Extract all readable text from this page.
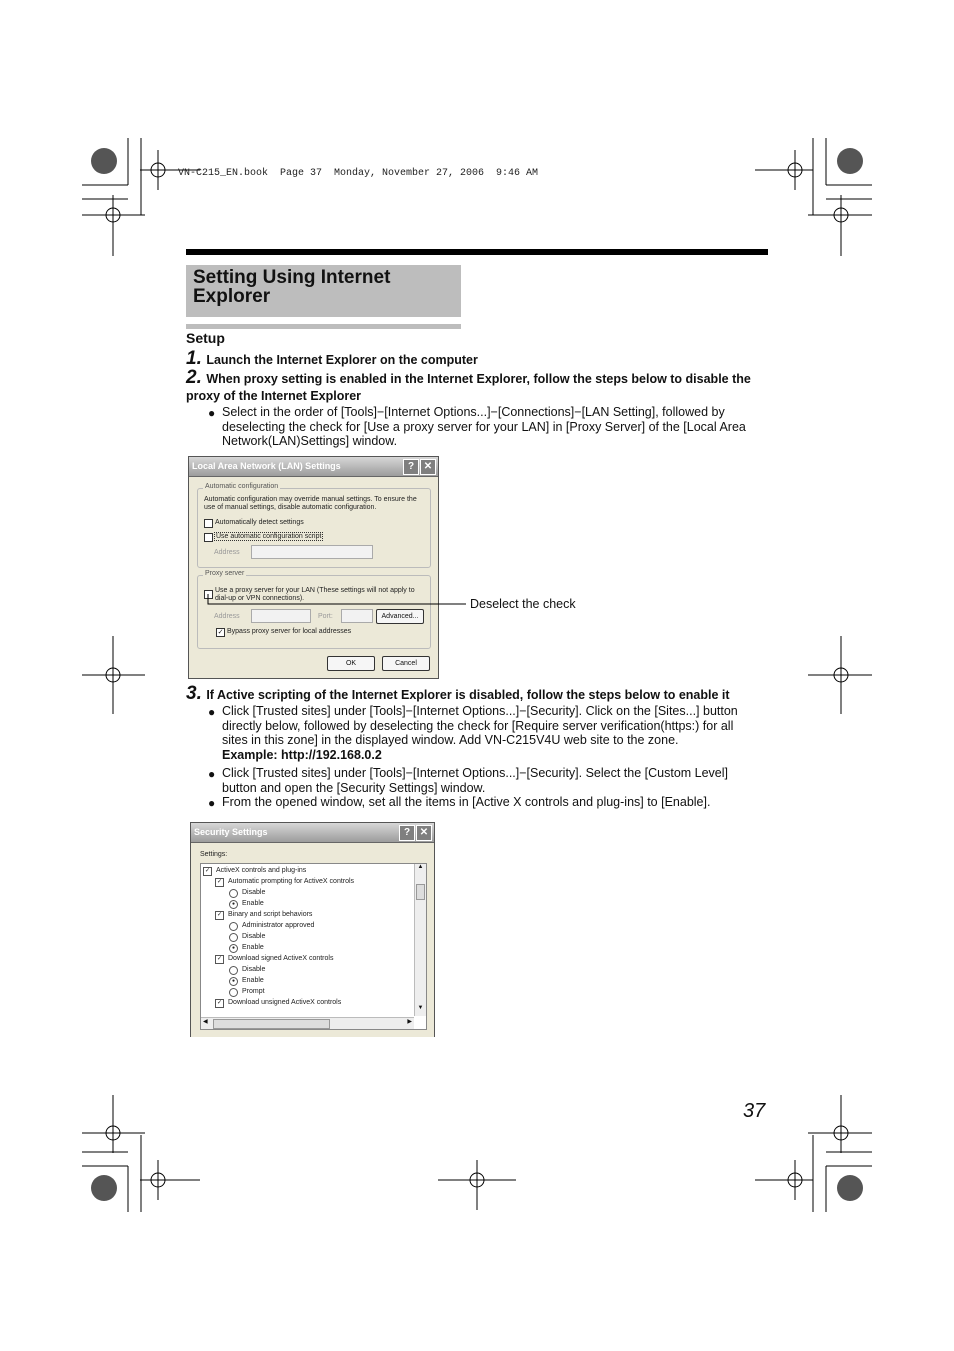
VN-C215_EN.book  Page 37  Monday, November 27, 2006  9:46 AM
Setting Using Internet
Explorer
Setup
1. Launch the Internet Explorer on the computer
2. When proxy setting is enabled in the Internet Explorer, follow the steps below to disable the
proxy of the Internet Explorer
● Select in the order of [Tools]−[Internet Options...]−[Connections]−[LAN Setting], followed by
deselecting the check for [Use a proxy server for your LAN] in [Proxy Server] of the [Local Area
Network(LAN)Settings] window.
Local Area Network (LAN) Settings	? ✕
Automatic configuration
Automatic configuration may override manual settings. To ensure the
use of manual settings, disable automatic configuration.
Automatically detect settings
Use automatic configuration script
Address
Proxy server
Use a proxy server for your LAN (These settings will not apply to
dial-up or VPN connections).
Address	Port:	Advanced...
✓ Bypass proxy server for local addresses
OK	Cancel
Deselect the check
3. If Active scripting of the Internet Explorer is disabled, follow the steps below to enable it
● Click [Trusted sites] under [Tools]−[Internet Options...]−[Security]. Click on the [Sites...] button
directly below, followed by deselecting the check for [Require server verification(https:) for all
sites in this zone] in the displayed window. Add VN-C215V4U web site to the zone.
Example: http://192.168.0.2
● Click [Trusted sites] under [Tools]−[Internet Options...]−[Security]. Select the [Custom Level]
button and open the [Security Settings] window.
● From the opened window, set all the items in [Active X controls and plug-ins] to [Enable].
Security Settings	? ✕
Settings:
✓ ActiveX controls and plug-ins
✓ Automatic prompting for ActiveX controls
Disable
● Enable
✓ Binary and script behaviors
Administrator approved
Disable
● Enable
✓ Download signed ActiveX controls
Disable
● Enable
Prompt
✓ Download unsigned ActiveX controls
▲
▼
◀	▶
37
